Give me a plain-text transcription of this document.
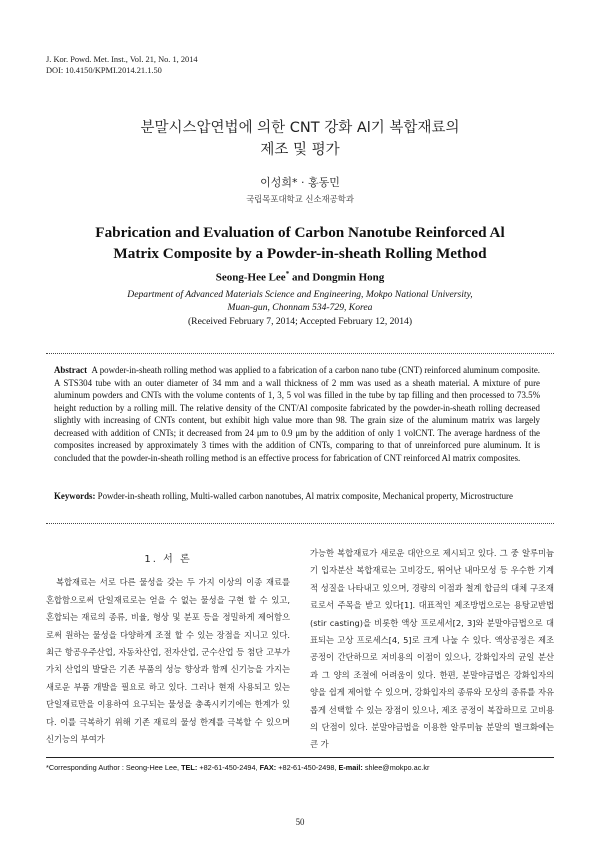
J. Kor. Powd. Met. Inst., Vol. 21, No. 1, 2014
DOI: 10.4150/KPMI.2014.21.1.50
분말시스압연법에 의한 CNT 강화 Al기 복합재료의
제조 및 평가
이성희* · 홍동민
국립목포대학교 신소재공학과
Fabrication and Evaluation of Carbon Nanotube Reinforced Al
Matrix Composite by a Powder-in-sheath Rolling Method
Seong-Hee Lee* and Dongmin Hong
Department of Advanced Materials Science and Engineering, Mokpo National University,
Muan-gun, Chonnam 534-729, Korea
(Received February 7, 2014; Accepted February 12, 2014)
Abstract A powder-in-sheath rolling method was applied to a fabrication of a carbon nano tube (CNT) reinforced aluminum composite. A STS304 tube with an outer diameter of 34 mm and a wall thickness of 2 mm was used as a sheath material. A mixture of pure aluminum powders and CNTs with the volume contents of 1, 3, 5 vol was filled in the tube by tap filling and then processed to 73.5% height reduction by a rolling mill. The relative density of the CNT/Al composite fabricated by the powder-in-sheath rolling decreased slightly with increasing of CNTs content, but exhibit high value more than 98. The grain size of the aluminum matrix was largely decreased with addition of CNTs; it decreased from 24 μm to 0.9 μm by the addition of only 1 volCNT. The average hardness of the composites increased by approximately 3 times with the addition of CNTs, comparing to that of unreinforced pure aluminum. It is concluded that the powder-in-sheath rolling method is an effective process for fabrication of CNT reinforced Al matrix composites.
Keywords: Powder-in-sheath rolling, Multi-walled carbon nanotubes, Al matrix composite, Mechanical property, Microstructure
1. 서 론

복합재료는 서로 다른 물성을 갖는 두 가지 이상의 이종 재료를 혼합함으로써 단일재료로는 얻을 수 없는 물성을 구현 할 수 있고, 혼합되는 재료의 종류, 비율, 형상 및 분포 등을 정밀하게 제어함으로써 원하는 물성을 다양하게 조절 할 수 있는 장점을 지니고 있다. 최근 항공우주산업, 자동차산업, 전자산업, 군수산업 등 첨단 고부가가치 산업의 발달은 기존 부품의 성능 향상과 함께 신기능을 가지는 새로운 부품 개발을 필요로 하고 있다. 그러나 현재 사용되고 있는 단일재료만을 이용하여 요구되는 물성을 충족시키기에는 한계가 있다. 이를 극복하기 위해 기존 재료의 물성 한계를 극복할 수 있으며 신기능의 부여가

가능한 복합재료가 새로운 대안으로 제시되고 있다. 그 중 알루미늄기 입자분산 복합재료는 고비강도, 뛰어난 내마모성 등 우수한 기계적 성질을 나타내고 있으며, 경량의 이점과 철계 합금의 대체 구조재료로서 주목을 받고 있다[1]. 대표적인 제조방법으로는 용탕교반법(stir casting)을 비롯한 액상 프로세서[2, 3]와 분말야금법으로 대표되는 고상 프로세스[4, 5]로 크게 나눌 수 있다. 액상공정은 제조 공정이 간단하므로 저비용의 이점이 있으나, 강화입자의 균일 분산과 그 양의 조절에 어려움이 있다. 한편, 분말야금법은 강화입자의 양을 쉽게 제어할 수 있으며, 강화입자의 종류와 모상의 종류를 자유롭게 선택할 수 있는 장점이 있으나, 제조 공정이 복잡하므로 고비용의 단점이 있다. 분말야금법을 이용한 알루미늄 분말의 벌크화에는 큰 가

*Corresponding Author : Seong-Hee Lee, TEL: +82-61-450-2494, FAX: +82-61-450-2498, E-mail: shlee@mokpo.ac.kr
50
